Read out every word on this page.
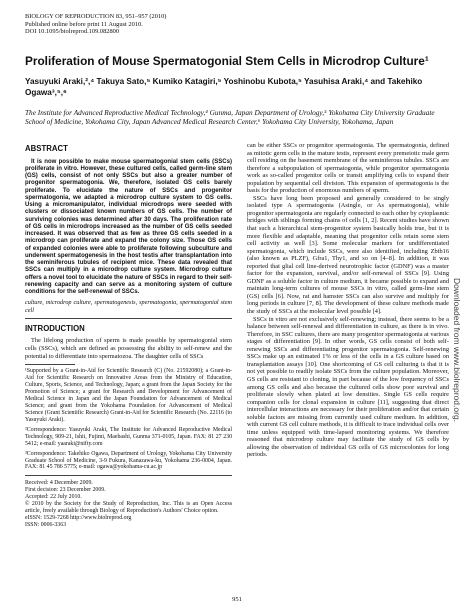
BIOLOGY OF REPRODUCTION 83, 951–957 (2010)
Published online before print 11 August 2010.
DOI 10.1095/biolreprod.109.082800
Proliferation of Mouse Spermatogonial Stem Cells in Microdrop Culture¹
Yasuyuki Araki,²,⁴ Takuya Sato,⁵ Kumiko Katagiri,⁵ Yoshinobu Kubota,⁵ Yasuhisa Araki,⁴ and Takehiko Ogawa³,⁵,⁶
The Institute for Advanced Reproductive Medical Technology,⁴ Gunma, Japan Department of Urology,⁵ Yokohama City University Graduate School of Medicine, Yokohama City, Japan Advanced Medical Research Center,⁶ Yokohama City University, Yokohama, Japan
ABSTRACT
It is now possible to make mouse spermatogonial stem cells (SSCs) proliferate in vitro. However, these cultured cells, called germ-line stem (GS) cells, consist of not only SSCs but also a greater number of progenitor spermatogonia. We, therefore, isolated GS cells barely proliferate. To elucidate the nature of SSCs and progenitor spermatogonia, we adapted a microdrop culture system to GS cells. Using a micromanipulator, individual microdrops were seeded with clusters or dissociated known numbers of GS cells. The number of surviving colonies was determined after 30 days. The proliferation rate of GS cells in microdrops increased as the number of GS cells seeded increased. It was observed that as few as three GS cells seeded in a microdrop can proliferate and expand the colony size. Those GS cells of expanded colonies were able to proliferate following subculture and underwent spermatogenesis in the host testis after transplantation into the seminiferous tubules of recipient mice. These data revealed that SSCs can multiply in a microdrop culture system. Microdrop culture offers a novel tool to elucidate the nature of SSCs in regard to their self-renewing capacity and can serve as a monitoring system of culture conditions for the self-renewal of SSCs.
culture, microdrop culture, spermatogenesis, spermatogonia, spermatogonial stem cell
INTRODUCTION

The lifelong production of sperm is made possible by spermatogonial stem cells (SSCs), which are defined as possessing the ability to self-renew and the potential to differentiate into spermatozoa. The daughter cells of SSCs

¹Supported by a Grant-in-Aid for Scientific Research (C) (No. 21592080); a Grant-in-Aid for Scientific Research on Innovative Areas from the Ministry of Education, Culture, Sports, Science, and Technology, Japan; a grant from the Japan Society for the Promotion of Science; a grant for Research and Development for Advancement of Medical Science in Japan and the Japan Foundation for Advancement of Medical Science; and grant from the Yokohama Foundation for Advancement of Medical Science (Grant Scientific Research) Grant-in-Aid for Scientific Research (No. 22116 (to Yasuyuki Araki).

²Correspondence: Yasuyuki Araki, The Institute for Advanced Reproductive Medical Technology, 909-21, Ishii, Fujimi, Maebashi, Gunma 371-0105, Japan. FAX: 81 27 230 5412; e-mail: yaaraki@nifty.com

³Correspondence: Takehiko Ogawa, Department of Urology, Yokohama City University Graduate School of Medicine, 3-9 Fukura, Kanazawa-ku, Yokohama 236-0004, Japan. FAX: 81 45 786 5775; e-mail: ogawa@yokohama-cu.ac.jp

Received: 4 December 2009.
First decision: 23 December 2009.
Accepted: 22 July 2010.
© 2010 by the Society for the Study of Reproduction, Inc. This is an Open Access article, freely available through Biology of Reproduction's Authors' Choice option.
eISSN: 1529-7268 http://www.biolreprod.org
ISSN: 0006-3363

can be either SSCs or progenitor spermatogonia. The spermatogonia, defined as mitotic germ cells in the mature testis, represent every premeiotic male germ cell residing on the basement membrane of the seminiferous tubules. SSCs are therefore a subpopulation of spermatogonia, while progenitor spermatogonia work as so-called progenitor cells or transit amplifying cells to expand their population by sequential cell division. This expansion of spermatogonia is the basis for the production of enormous numbers of sperm.

SSCs have long been proposed and generally considered to be singly isolated type A spermatogonia (Asingle, or As spermatogonia), while progenitor spermatogonia are regularly connected to each other by cytoplasmic bridges with siblings forming chains of cells [1, 2]. Recent studies have shown that such a hierarchical stem-progenitor system basically holds true, but it is more flexible and adaptable, meaning that progenitor cells retain some stem cell activity as well [3]. Some molecular markers for undifferentiated spermatogonia, which include SSCs, were also identified, including Zbtb16 (also known as PLZF), Gfra1, Thy1, and so on [4–8]. In addition, it was reported that glial cell line-derived neurotrophic factor (GDNF) was a master factor for the expansion, survival, and/or self-renewal of SSCs [9]. Using GDNF as a soluble factor in culture medium, it became possible to expand and maintain long-term cultures of mouse SSCs in vitro, called germ-line stem (GS) cells [6]. Now, rat and hamster SSCs can also survive and multiply for long periods in culture [7, 8]. The development of these culture methods made the study of SSCs at the molecular level possible [4].

SSCs in vitro are not exclusively self-renewing; instead, there seems to be a balance between self-renewal and differentiation in culture, as there is in vivo. Therefore, in SSC cultures, there are many progenitor spermatogonia at various stages of differentiation [9]. In other words, GS cells consist of both self-renewing SSCs and differentiating progenitor spermatogonia. Self-renewing SSCs make up an estimated 1% or less of the cells in a GS culture based on transplantation assays [10]. One shortcoming of GS cell culturing is that it is not yet possible to readily isolate SSCs from the culture population. Moreover, GS cells are resistant to cloning, in part because of the low frequency of SSCs among GS cells and also because the cultured cells show poor survival and proliferate slowly when plated at low densities. Single GS cells require companion cells for clonal expansion in culture [11], suggesting that direct intercellular interactions are necessary for their proliferation and/or that certain soluble factors are missing from currently used culture medium. In addition, with current GS cell culture methods, it is difficult to trace individual cells over time unless equipped with time-lapsed monitoring systems. We therefore reasoned that microdrop culture may facilitate the study of GS cells by allowing the observation of individual GS cells of GS microcolonies for long periods.

Downloaded from www.biolreprod.org.
951
